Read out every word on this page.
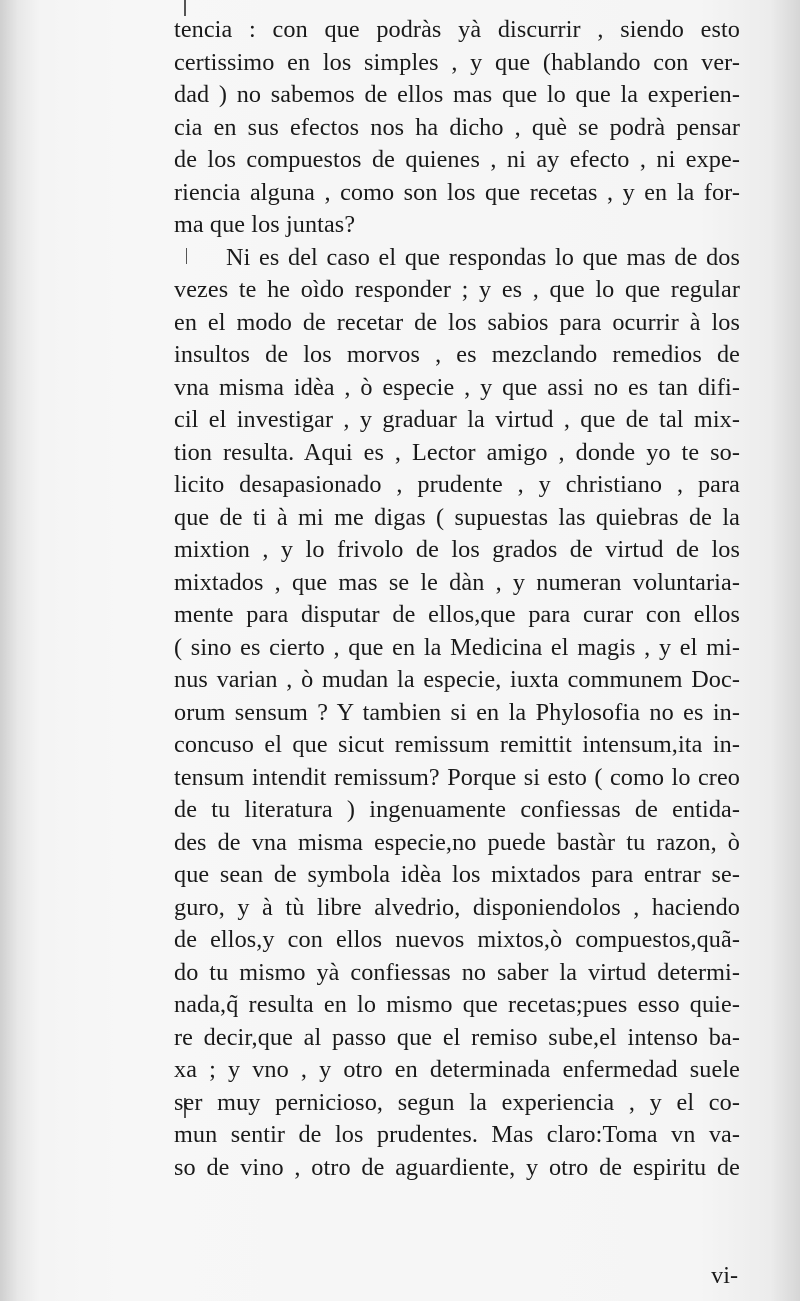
tencia : con que podràs yà discurrir , siendo esto
certissimo en los simples , y que (hablando con ver-
dad ) no sabemos de ellos mas que lo que la experien-
cia en sus efectos nos ha dicho , què se podrà pensar
de los compuestos de quienes , ni ay efecto , ni expe-
riencia alguna , como son los que recetas , y en la for-
ma que los juntas?
Ni es del caso el que respondas lo que mas de dos
vezes te he oìdo responder ; y es , que lo que regular
en el modo de recetar de los sabios para ocurrir à los
insultos de los morvos , es mezclando remedios de
vna misma idèa , ò especie , y que assi no es tan difi-
cil el investigar , y graduar la virtud , que de tal mix-
tion resulta. Aqui es , Lector amigo , donde yo te so-
licito desapasionado , prudente , y christiano , para
que de ti à mi me digas ( supuestas las quiebras de la
mixtion , y lo frivolo de los grados de virtud de los
mixtados , que mas se le dàn , y numeran voluntaria-
mente para disputar de ellos,que para curar con ellos
( sino es cierto , que en la Medicina el magis , y el mi-
nus varian , ò mudan la especie, iuxta communem Doc-
orum sensum ? Y tambien si en la Phylosofia no es in-
concuso el que sicut remissum remittit intensum,ita in-
tensum intendit remissum? Porque si esto ( como lo creo
de tu literatura ) ingenuamente confiessas de entida-
des de vna misma especie,no puede bastàr tu razon, ò
que sean de symbola idèa los mixtados para entrar se-
guro, y à tù libre alvedrio, disponiendolos , haciendo
de ellos,y con ellos nuevos mixtos,ò compuestos,quã-
do tu mismo yà confiessas no saber la virtud determi-
nada,q̃ resulta en lo mismo que recetas;pues esso quie-
re decir,que al passo que el remiso sube,el intenso ba-
xa ; y vno , y otro en determinada enfermedad suele
ser muy pernicioso, segun la experiencia , y el co-
mun sentir de los prudentes. Mas claro:Toma vn va-
so de vino , otro de aguardiente, y otro de espiritu de
vi-
